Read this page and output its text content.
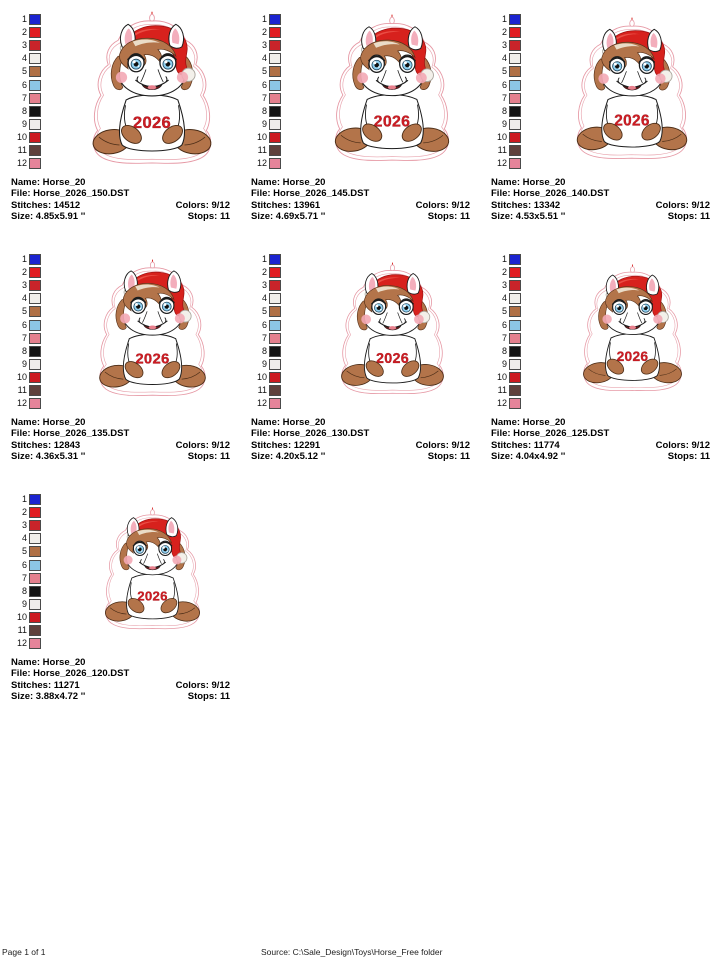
1
2
3
4
5
6
7
8
9
10
11
12
Name: Horse_20
File: Horse_2026_150.DST
Stitches: 14512	Colors: 9/12
Size: 4.85x5.91 ''	Stops: 11
1
2
3
4
5
6
7
8
9
10
11
12
Name: Horse_20
File: Horse_2026_145.DST
Stitches: 13961	Colors: 9/12
Size: 4.69x5.71 ''	Stops: 11
1
2
3
4
5
6
7
8
9
10
11
12
Name: Horse_20
File: Horse_2026_140.DST
Stitches: 13342	Colors: 9/12
Size: 4.53x5.51 ''	Stops: 11
1
2
3
4
5
6
7
8
9
10
11
12
Name: Horse_20
File: Horse_2026_135.DST
Stitches: 12843	Colors: 9/12
Size: 4.36x5.31 ''	Stops: 11
1
2
3
4
5
6
7
8
9
10
11
12
Name: Horse_20
File: Horse_2026_130.DST
Stitches: 12291	Colors: 9/12
Size: 4.20x5.12 ''	Stops: 11
1
2
3
4
5
6
7
8
9
10
11
12
Name: Horse_20
File: Horse_2026_125.DST
Stitches: 11774	Colors: 9/12
Size: 4.04x4.92 ''	Stops: 11
1
2
3
4
5
6
7
8
9
10
11
12
Name: Horse_20
File: Horse_2026_120.DST
Stitches: 11271	Colors: 9/12
Size: 3.88x4.72 ''	Stops: 11
Page 1 of 1	Source: C:\Sale_Design\Toys\Horse_Free folder
